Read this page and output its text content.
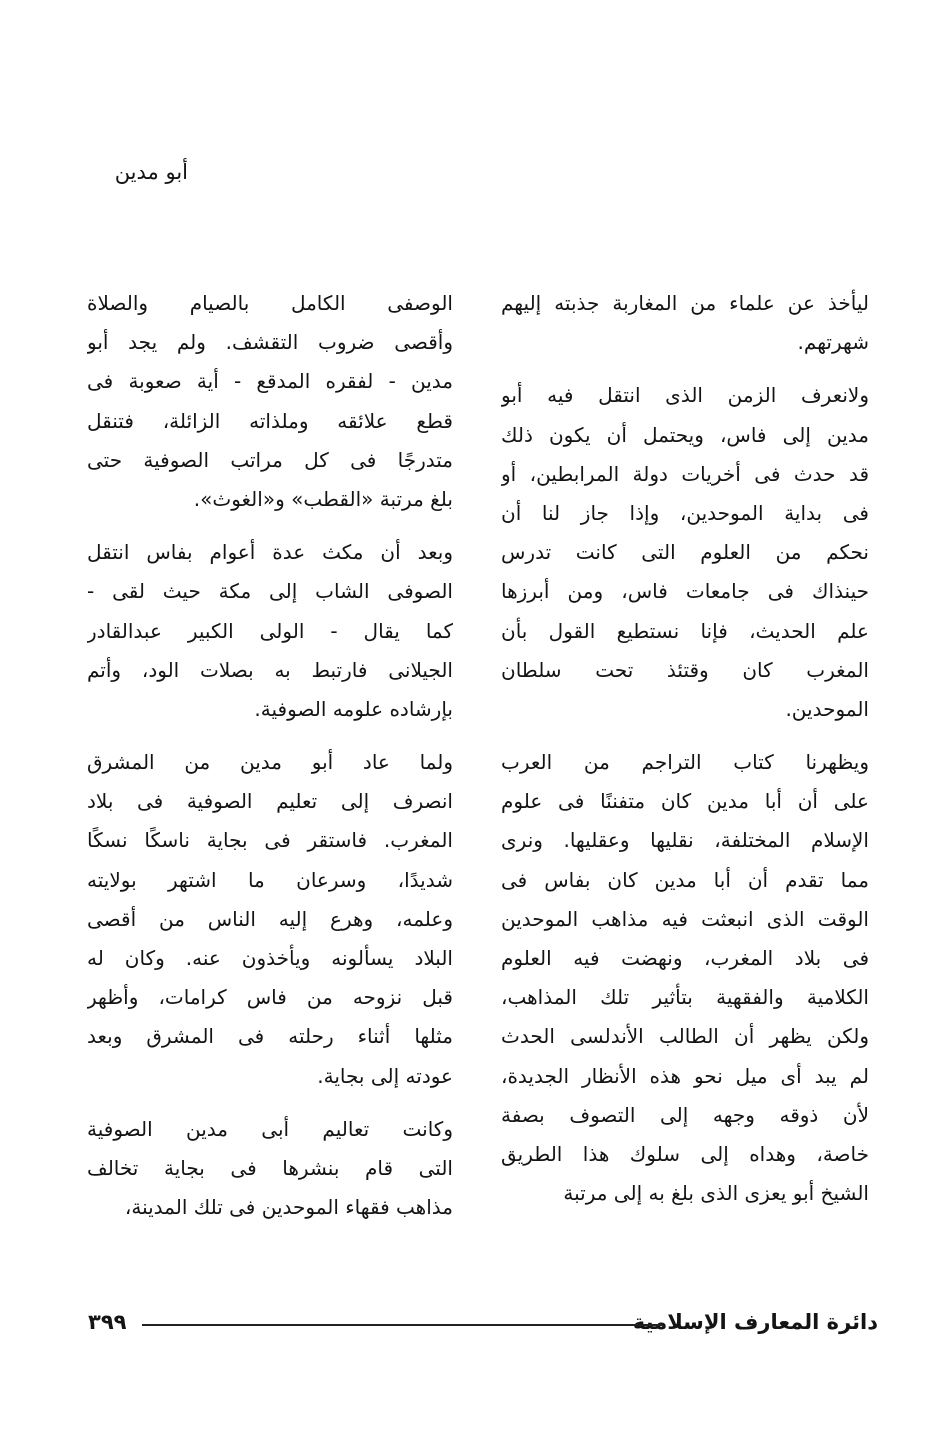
أبو مدين
ليأخذ عن علماء من المغاربة جذبته إليهم
شهرتهم.
ولانعرف الزمن الذى انتقل فيه أبو
مدين إلى فاس، ويحتمل أن يكون ذلك
قد حدث فى أخريات دولة المرابطين، أو
فى بداية الموحدين، وإذا جاز لنا أن
نحكم من العلوم التى كانت تدرس
حينذاك فى جامعات فاس، ومن أبرزها
علم الحديث، فإنا نستطيع القول بأن
المغرب كان وقتئذ تحت سلطان
الموحدين.
ويظهرنا كتاب التراجم من العرب
على أن أبا مدين كان متفننًا فى علوم
الإسلام المختلفة، نقليها وعقليها. ونرى
مما تقدم أن أبا مدين كان بفاس فى
الوقت الذى انبعثت فيه مذاهب الموحدين
فى بلاد المغرب، ونهضت فيه العلوم
الكلامية والفقهية بتأثير تلك المذاهب،
ولكن يظهر أن الطالب الأندلسى الحدث
لم يبد أى ميل نحو هذه الأنظار الجديدة،
لأن ذوقه وجهه إلى التصوف بصفة
خاصة، وهداه إلى سلوك هذا الطريق
الشيخ أبو يعزى الذى بلغ به إلى مرتبة
الوصفى الكامل بالصيام والصلاة
وأقصى ضروب التقشف. ولم يجد أبو
مدين - لفقره المدقع - أية صعوبة فى
قطع علائقه وملذاته الزائلة، فتنقل
متدرجًا فى كل مراتب الصوفية حتى
بلغ مرتبة «القطب» و«الغوث».
وبعد أن مكث عدة أعوام بفاس انتقل
الصوفى الشاب إلى مكة حيث لقى -
كما يقال - الولى الكبير عبدالقادر
الجيلانى فارتبط به بصلات الود، وأتم
بإرشاده علومه الصوفية.
ولما عاد أبو مدين من المشرق
انصرف إلى تعليم الصوفية فى بلاد
المغرب. فاستقر فى بجاية ناسكًا نسكًا
شديدًا، وسرعان ما اشتهر بولايته
وعلمه، وهرع إليه الناس من أقصى
البلاد يسألونه ويأخذون عنه. وكان له
قبل نزوحه من فاس كرامات، وأظهر
مثلها أثناء رحلته فى المشرق وبعد
عودته إلى بجاية.
وكانت تعاليم أبى مدين الصوفية
التى قام بنشرها فى بجاية تخالف
مذاهب فقهاء الموحدين فى تلك المدينة،
دائرة المعارف الإسلامية
٣٩٩
